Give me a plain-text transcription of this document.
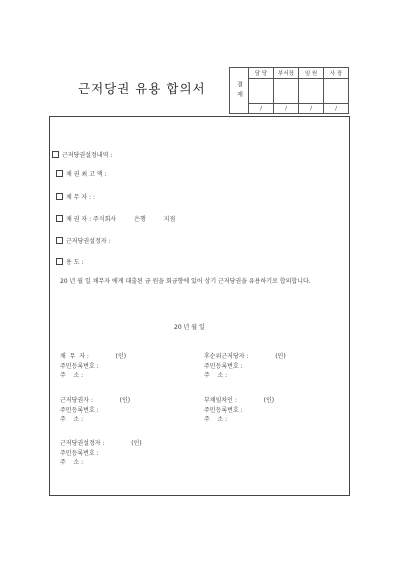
근저당권 유용 합의서	결재	담 당	부서장	임 원	사 장

	/	/	/	/
근저당권설정내역 :
채 권 최 고 액 :
채 무 자 : :
채 권 자 : 주식회사	은행	지점
근저당권설정자 :
용 도 :
20 년 월 일 채무자 에게 대출된 금 원을 회금향에 있어 상기 근저당권을 유용하기로 합의합니다.
20 년 월 일
채  무  자 :              (인)
주민등록번호 :
주    소 :
후순위근저당자 :              (인)
주민등록번호 :
주    소 :
근저당권자 :              (인)
주민등록번호 :
주    소 :
부채임차인 :              (인)
주민등록번호 :
주    소 :
근저당권설정자 :              (인)
주민등록번호 :
주    소 :
